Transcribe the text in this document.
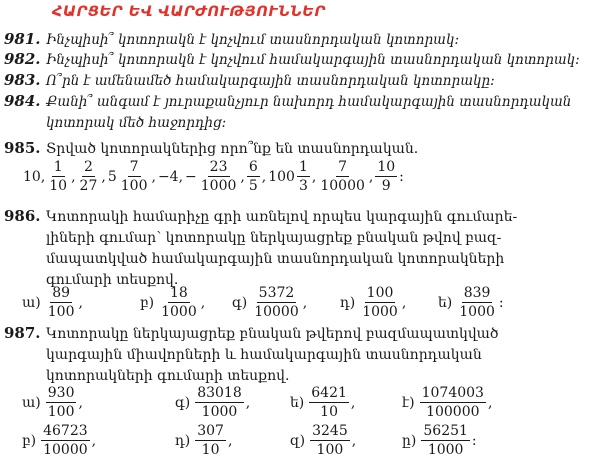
ՀԱՐՑԵՐ ԵՎ ՎԱՐԺՈՒԹՅՈՒՆՆԵՐ
981. Ինչպիսի՞ կոտորակն է կոչվում տասնորդական կոտորակ:
982. Ինչպիսի՞ կոտորակն է կոչվում համակարգային տասնորդական կոտորակ:
983. Ո՞րն է ամենամեծ համակարգային տասնորդական կոտորակը:
984. Քանի՞ անգամ է յուրաքանչյուր նախորդ համակարգային տասնորդական
կոտորակ մեծ հաջորդից:
985. Տրված կոտորակներից որո՞նք են տասնորդական.
10, $\frac{1}{10}$ , $\frac{2}{27}$ , $5 \frac{7}{100}$ , −4, − $\frac{23}{1000}$ , $\frac{6}{5}$ , $100 \frac{1}{3}$ , $\frac{7}{10000}$ , $\frac{10}{9}$ :
986. Կոտորակի համարիչը գրի առնելով որպես կարգային գումարե-
լիների գումար՝ կոտորակը ներկայացրեք բնական թվով բազ-
մապատկված համակարգային տասնորդական կոտորակների
գումարի տեսքով.
ա) $\frac{89}{100}$ ,	բ) $\frac{18}{1000}$ , գ) $\frac{5372}{10000}$ , դ) $\frac{100}{1000}$ , ե) $\frac{839}{1000}$ :
987. Կոտորակը ներկայացրեք բնական թվերով բազմապատկված
կարգային միավորների և համակարգային տասնորդական
կոտորակների գումարի տեսքով.
ա) $\frac{930}{100}$ ,	գ) $\frac{83018}{1000}$ ,	ե) $\frac{6421}{10}$ ,	է) $\frac{1074003}{100000}$ ,
բ) $\frac{46723}{10000}$ ,	դ) $\frac{307}{10}$ ,	զ) $\frac{3245}{100}$ ,	ը) $\frac{56251}{1000}$ :
